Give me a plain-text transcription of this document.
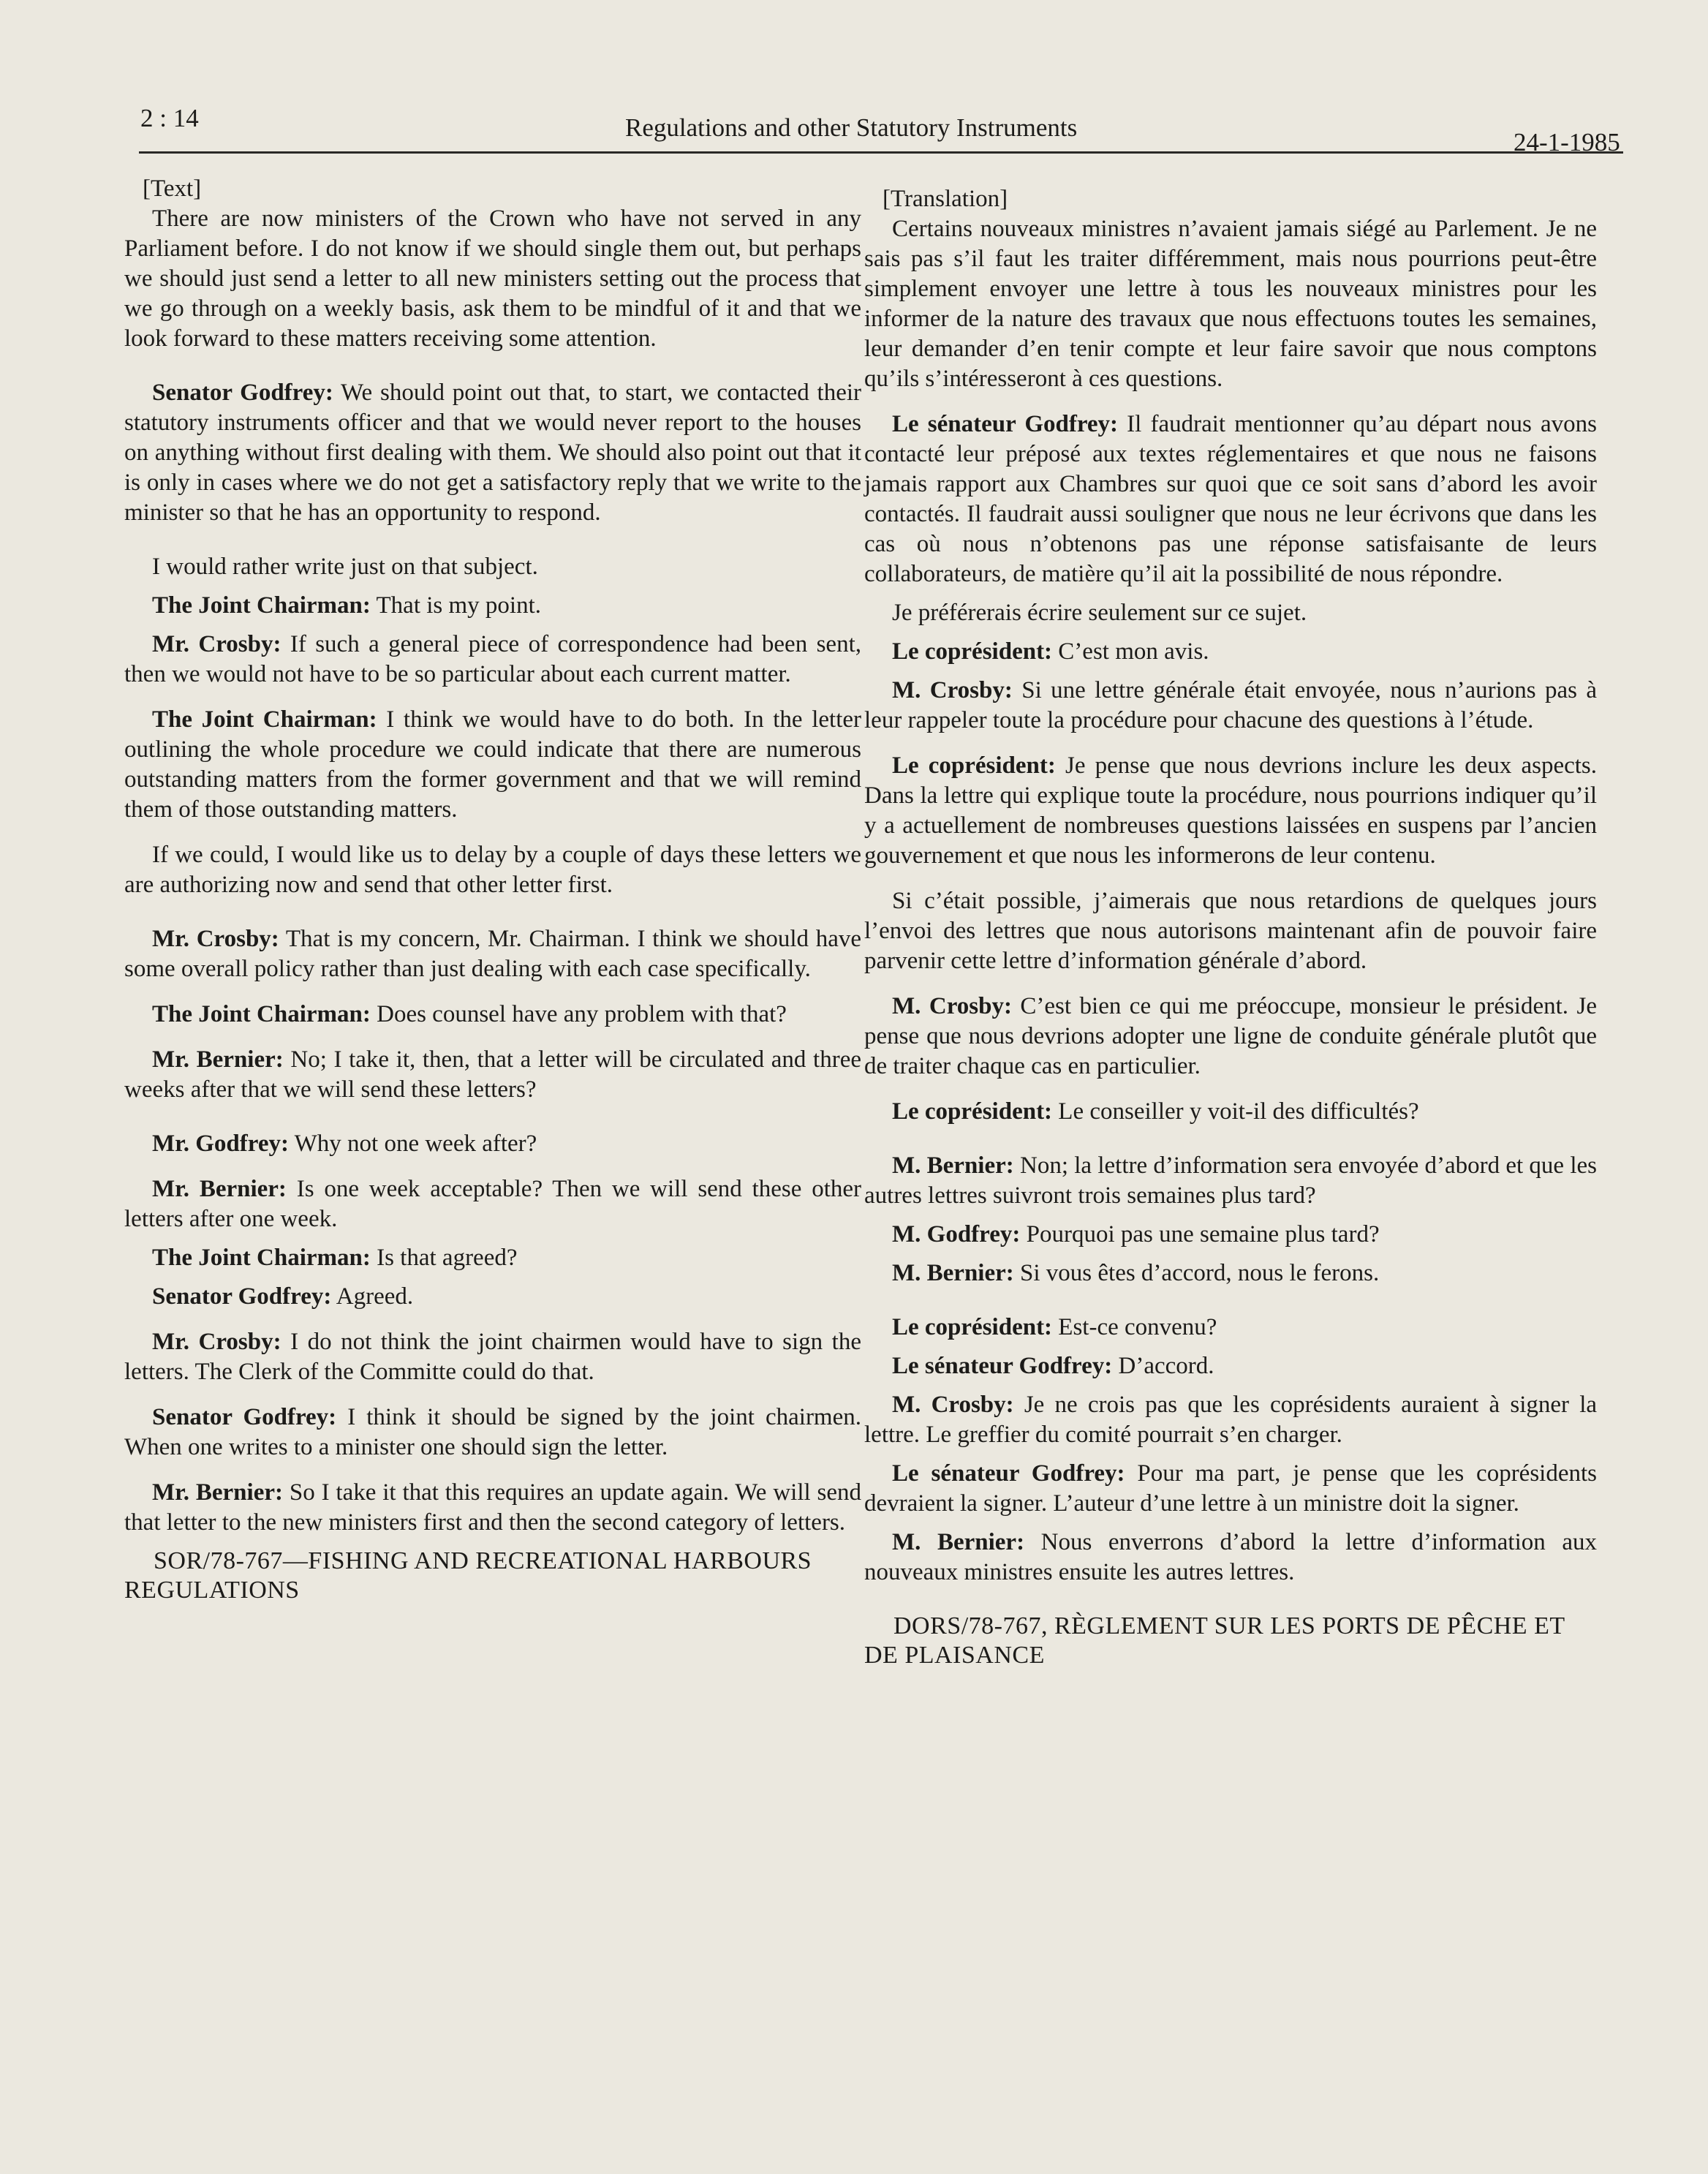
2 : 14	Regulations and other Statutory Instruments
24-1-1985

[Text]

There are now ministers of the Crown who have not served in any Parliament before. I do not know if we should single them out, but perhaps we should just send a letter to all new ministers setting out the process that we go through on a weekly basis, ask them to be mindful of it and that we look forward to these matters receiving some attention.

Senator Godfrey: We should point out that, to start, we contacted their statutory instruments officer and that we would never report to the houses on anything without first dealing with them. We should also point out that it is only in cases where we do not get a satisfactory reply that we write to the minister so that he has an opportunity to respond.

I would rather write just on that subject.

The Joint Chairman: That is my point.

Mr. Crosby: If such a general piece of correspondence had been sent, then we would not have to be so particular about each current matter.

The Joint Chairman: I think we would have to do both. In the letter outlining the whole procedure we could indicate that there are numerous outstanding matters from the former government and that we will remind them of those outstanding matters.

If we could, I would like us to delay by a couple of days these letters we are authorizing now and send that other letter first.

Mr. Crosby: That is my concern, Mr. Chairman. I think we should have some overall policy rather than just dealing with each case specifically.

The Joint Chairman: Does counsel have any problem with that?

Mr. Bernier: No; I take it, then, that a letter will be circulated and three weeks after that we will send these letters?

Mr. Godfrey: Why not one week after?

Mr. Bernier: Is one week acceptable? Then we will send these other letters after one week.

The Joint Chairman: Is that agreed?

Senator Godfrey: Agreed.

Mr. Crosby: I do not think the joint chairmen would have to sign the letters. The Clerk of the Committe could do that.

Senator Godfrey: I think it should be signed by the joint chairmen. When one writes to a minister one should sign the letter.

Mr. Bernier: So I take it that this requires an update again. We will send that letter to the new ministers first and then the second category of letters.

SOR/78-767—FISHING AND RECREATIONAL HARBOURS REGULATIONS

[Translation]

Certains nouveaux ministres n’avaient jamais siégé au Parlement. Je ne sais pas s’il faut les traiter différemment, mais nous pourrions peut-être simplement envoyer une lettre à tous les nouveaux ministres pour les informer de la nature des travaux que nous effectuons toutes les semaines, leur demander d’en tenir compte et leur faire savoir que nous comptons qu’ils s’intéresseront à ces questions.

Le sénateur Godfrey: Il faudrait mentionner qu’au départ nous avons contacté leur préposé aux textes réglementaires et que nous ne faisons jamais rapport aux Chambres sur quoi que ce soit sans d’abord les avoir contactés. Il faudrait aussi souligner que nous ne leur écrivons que dans les cas où nous n’obtenons pas une réponse satisfaisante de leurs collaborateurs, de matière qu’il ait la possibilité de nous répondre.

Je préférerais écrire seulement sur ce sujet.

Le coprésident: C’est mon avis.

M. Crosby: Si une lettre générale était envoyée, nous n’aurions pas à leur rappeler toute la procédure pour chacune des questions à l’étude.

Le coprésident: Je pense que nous devrions inclure les deux aspects. Dans la lettre qui explique toute la procédure, nous pourrions indiquer qu’il y a actuellement de nombreuses questions laissées en suspens par l’ancien gouvernement et que nous les informerons de leur contenu.

Si c’était possible, j’aimerais que nous retardions de quelques jours l’envoi des lettres que nous autorisons maintenant afin de pouvoir faire parvenir cette lettre d’information générale d’abord.

M. Crosby: C’est bien ce qui me préoccupe, monsieur le président. Je pense que nous devrions adopter une ligne de conduite générale plutôt que de traiter chaque cas en particulier.

Le coprésident: Le conseiller y voit-il des difficultés?

M. Bernier: Non; la lettre d’information sera envoyée d’abord et que les autres lettres suivront trois semaines plus tard?

M. Godfrey: Pourquoi pas une semaine plus tard?

M. Bernier: Si vous êtes d’accord, nous le ferons.

Le coprésident: Est-ce convenu?

Le sénateur Godfrey: D’accord.

M. Crosby: Je ne crois pas que les coprésidents auraient à signer la lettre. Le greffier du comité pourrait s’en charger.

Le sénateur Godfrey: Pour ma part, je pense que les coprésidents devraient la signer. L’auteur d’une lettre à un ministre doit la signer.

M. Bernier: Nous enverrons d’abord la lettre d’information aux nouveaux ministres ensuite les autres lettres.

DORS/78-767, RÈGLEMENT SUR LES PORTS DE PÊCHE ET DE PLAISANCE
